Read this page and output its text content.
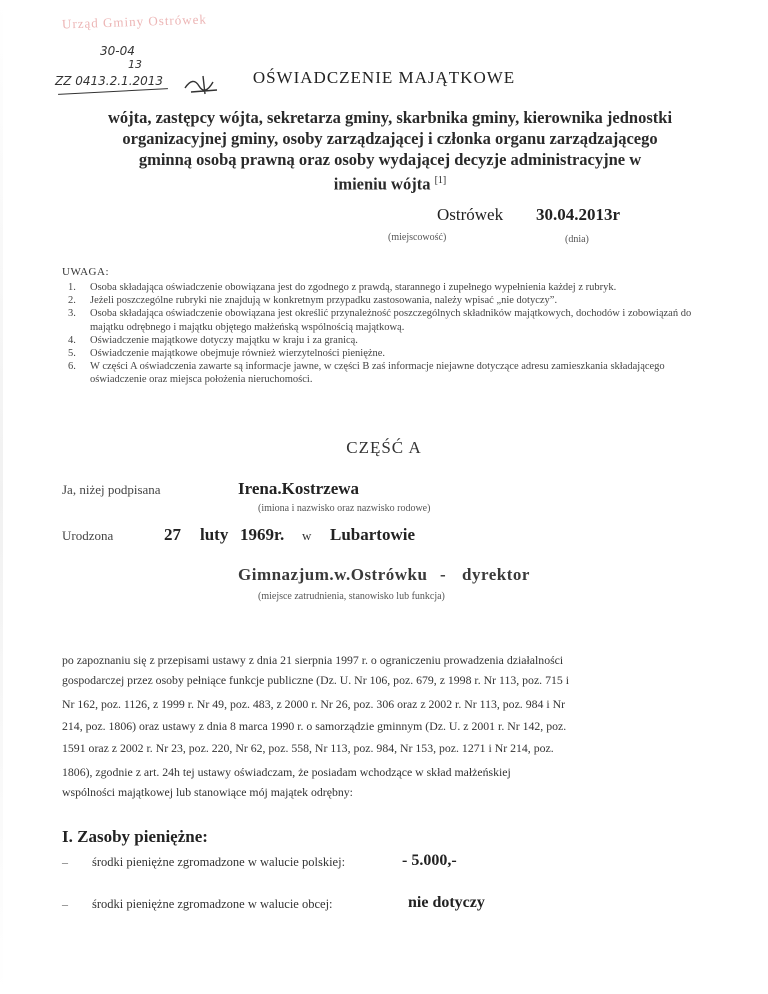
Urząd Gminy Ostrówek
30-04
13
ZZ 0413.2.1.2013	OŚWIADCZENIE MAJĄTKOWE
wójta, zastępcy wójta, sekretarza gminy, skarbnika gminy, kierownika jednostki
organizacyjnej gminy, osoby zarządzającej i członka organu zarządzającego
gminną osobą prawną oraz osoby wydającej decyzje administracyjne w
imieniu wójta [1]
Ostrówek 30.04.2013r
(miejscowość)	(dnia)
UWAGA:
1. Osoba składająca oświadczenie obowiązana jest do zgodnego z prawdą, starannego i zupełnego wypełnienia każdej z rubryk.
2. Jeżeli poszczególne rubryki nie znajdują w konkretnym przypadku zastosowania, należy wpisać „nie dotyczy”.
3. Osoba składająca oświadczenie obowiązana jest określić przynależność poszczególnych składników majątkowych, dochodów i zobowiązań do majątku odrębnego i majątku objętego małżeńską wspólnością majątkową.
4. Oświadczenie majątkowe dotyczy majątku w kraju i za granicą.
5. Oświadczenie majątkowe obejmuje również wierzytelności pieniężne.
6. W części A oświadczenia zawarte są informacje jawne, w części B zaś informacje niejawne dotyczące adresu zamieszkania składającego oświadczenie oraz miejsca położenia nieruchomości.
CZĘŚĆ A
Ja, niżej podpisana	Irena.Kostrzewa
(imiona i nazwisko oraz nazwisko rodowe)
Urodzona	27 luty 1969r. w Lubartowie
Gimnazjum.w.Ostrówku - dyrektor
(miejsce zatrudnienia, stanowisko lub funkcja)
po zapoznaniu się z przepisami ustawy z dnia 21 sierpnia 1997 r. o ograniczeniu prowadzenia działalności
gospodarczej przez osoby pełniące funkcje publiczne (Dz. U. Nr 106, poz. 679, z 1998 r. Nr 113, poz. 715 i
Nr 162, poz. 1126, z 1999 r. Nr 49, poz. 483, z 2000 r. Nr 26, poz. 306 oraz z 2002 r. Nr 113, poz. 984 i Nr
214, poz. 1806) oraz ustawy z dnia 8 marca 1990 r. o samorządzie gminnym (Dz. U. z 2001 r. Nr 142, poz.
1591 oraz z 2002 r. Nr 23, poz. 220, Nr 62, poz. 558, Nr 113, poz. 984, Nr 153, poz. 1271 i Nr 214, poz.
1806), zgodnie z art. 24h tej ustawy oświadczam, że posiadam wchodzące w skład małżeńskiej
wspólności majątkowej lub stanowiące mój majątek odrębny:
I. Zasoby pieniężne:
– środki pieniężne zgromadzone w walucie polskiej:	- 5.000,-
– środki pieniężne zgromadzone w walucie obcej:	nie dotyczy
